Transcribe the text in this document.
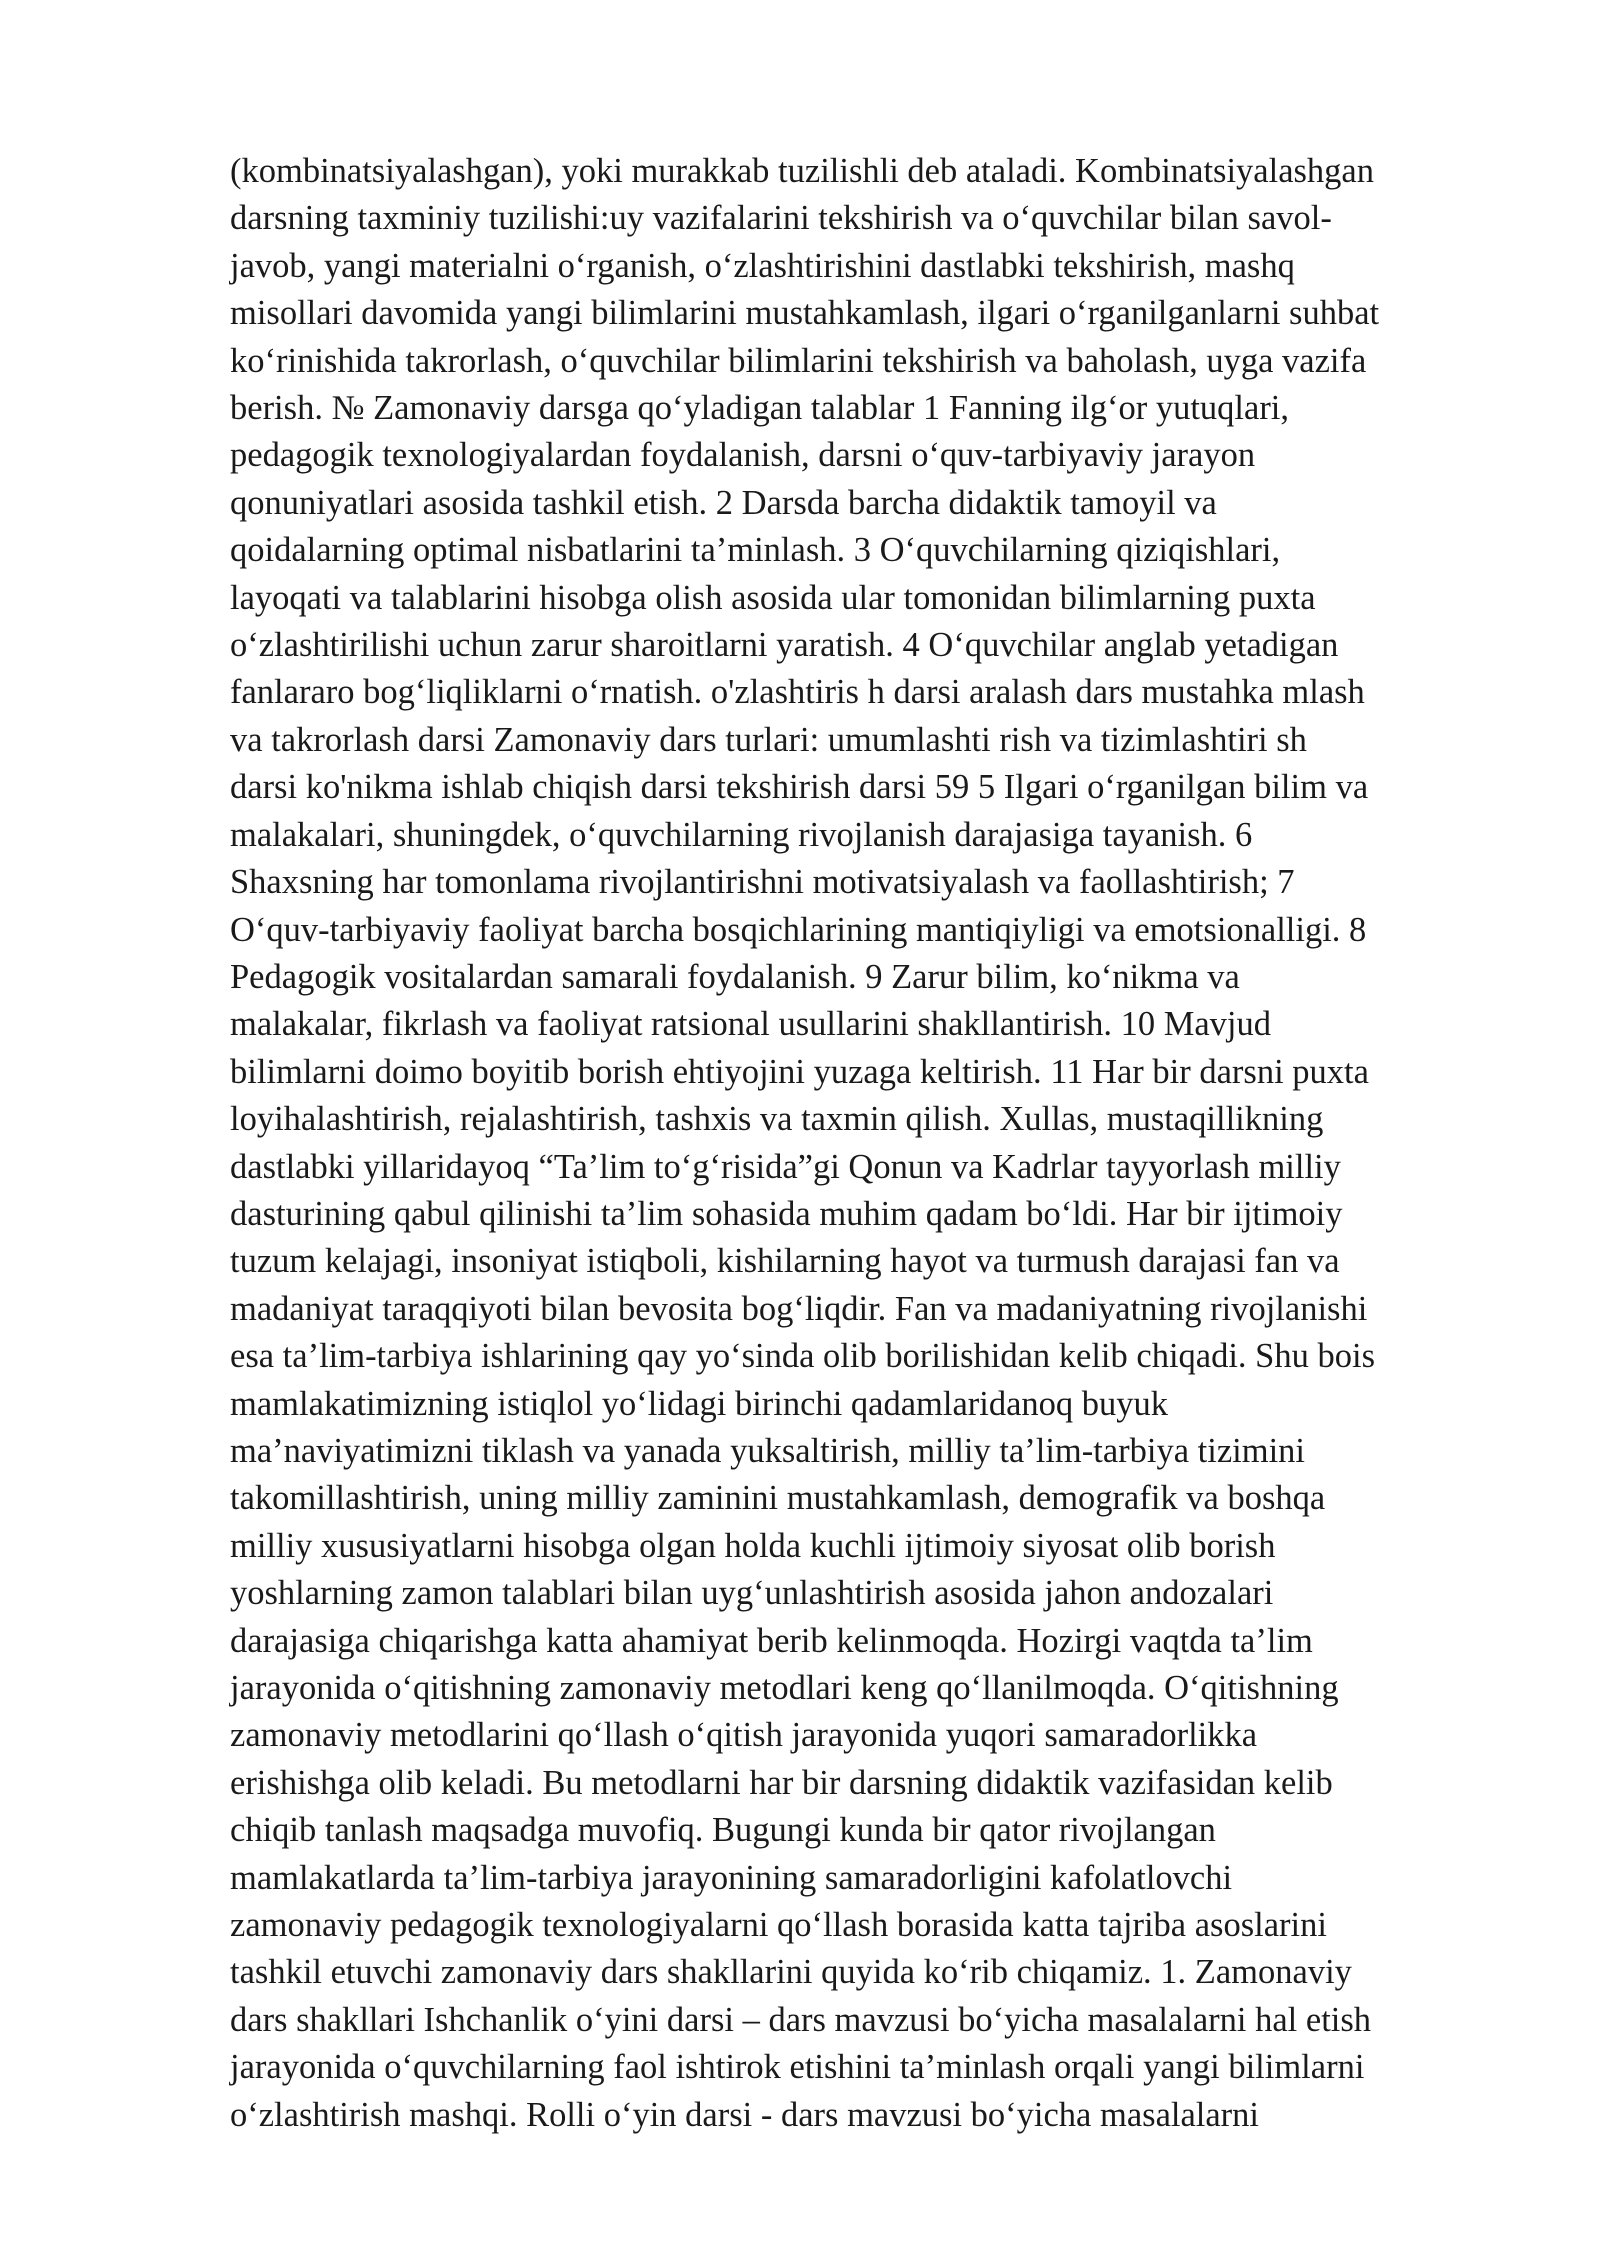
(kombinatsiyalashgan), yoki murakkab tuzilishli deb ataladi. Kombinatsiyalashgan
darsning taxminiy tuzilishi:uy vazifalarini tekshirish va o‘quvchilar bilan savol-
javob, yangi materialni o‘rganish, o‘zlashtirishini dastlabki tekshirish, mashq
misollari davomida yangi bilimlarini mustahkamlash, ilgari o‘rganilganlarni suhbat
ko‘rinishida takrorlash, o‘quvchilar bilimlarini tekshirish va baholash, uyga vazifa
berish. № Zamonaviy darsga qo‘yladigan talablar 1 Fanning ilg‘or yutuqlari,
pedagogik texnologiyalardan foydalanish, darsni o‘quv-tarbiyaviy jarayon
qonuniyatlari asosida tashkil etish. 2 Darsda barcha didaktik tamoyil va
qoidalarning optimal nisbatlarini ta’minlash. 3 O‘quvchilarning qiziqishlari,
layoqati va talablarini hisobga olish asosida ular tomonidan bilimlarning puxta
o‘zlashtirilishi uchun zarur sharoitlarni yaratish. 4 O‘quvchilar anglab yetadigan
fanlararo bog‘liqliklarni o‘rnatish. o'zlashtiris h darsi aralash dars mustahka mlash
va takrorlash darsi Zamonaviy dars turlari: umumlashti rish va tizimlashtiri sh
darsi ko'nikma ishlab chiqish darsi tekshirish darsi 59 5 Ilgari o‘rganilgan bilim va
malakalari, shuningdek, o‘quvchilarning rivojlanish darajasiga tayanish. 6
Shaxsning har tomonlama rivojlantirishni motivatsiyalash va faollashtirish; 7
O‘quv-tarbiyaviy faoliyat barcha bosqichlarining mantiqiyligi va emotsionalligi. 8
Pedagogik vositalardan samarali foydalanish. 9 Zarur bilim, ko‘nikma va
malakalar, fikrlash va faoliyat ratsional usullarini shakllantirish. 10 Mavjud
bilimlarni doimo boyitib borish ehtiyojini yuzaga keltirish. 11 Har bir darsni puxta
loyihalashtirish, rejalashtirish, tashxis va taxmin qilish. Xullas, mustaqillikning
dastlabki yillaridayoq “Ta’lim to‘g‘risida”gi Qonun va Kadrlar tayyorlash milliy
dasturining qabul qilinishi ta’lim sohasida muhim qadam bo‘ldi. Har bir ijtimoiy
tuzum kelajagi, insoniyat istiqboli, kishilarning hayot va turmush darajasi fan va
madaniyat taraqqiyoti bilan bevosita bog‘liqdir. Fan va madaniyatning rivojlanishi
esa ta’lim-tarbiya ishlarining qay yo‘sinda olib borilishidan kelib chiqadi. Shu bois
mamlakatimizning istiqlol yo‘lidagi birinchi qadamlaridanoq buyuk
ma’naviyatimizni tiklash va yanada yuksaltirish, milliy ta’lim-tarbiya tizimini
takomillashtirish, uning milliy zaminini mustahkamlash, demografik va boshqa
milliy xususiyatlarni hisobga olgan holda kuchli ijtimoiy siyosat olib borish
yoshlarning zamon talablari bilan uyg‘unlashtirish asosida jahon andozalari
darajasiga chiqarishga katta ahamiyat berib kelinmoqda. Hozirgi vaqtda ta’lim
jarayonida o‘qitishning zamonaviy metodlari keng qo‘llanilmoqda. O‘qitishning
zamonaviy metodlarini qo‘llash o‘qitish jarayonida yuqori samaradorlikka
erishishga olib keladi. Bu metodlarni har bir darsning didaktik vazifasidan kelib
chiqib tanlash maqsadga muvofiq. Bugungi kunda bir qator rivojlangan
mamlakatlarda ta’lim-tarbiya jarayonining samaradorligini kafolatlovchi
zamonaviy pedagogik texnologiyalarni qo‘llash borasida katta tajriba asoslarini
tashkil etuvchi zamonaviy dars shakllarini quyida ko‘rib chiqamiz. 1. Zamonaviy
dars shakllari Ishchanlik o‘yini darsi – dars mavzusi bo‘yicha masalalarni hal etish
jarayonida o‘quvchilarning faol ishtirok etishini ta’minlash orqali yangi bilimlarni
o‘zlashtirish mashqi. Rolli o‘yin darsi - dars mavzusi bo‘yicha masalalarni
